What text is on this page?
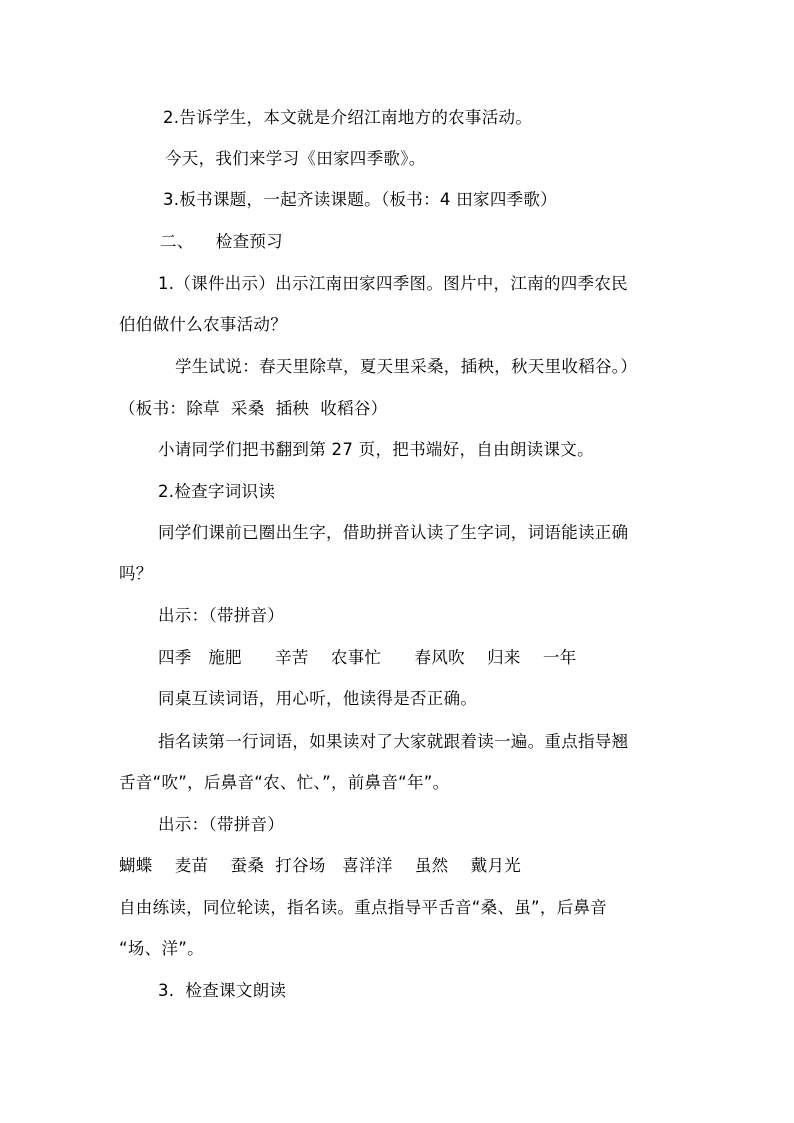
2.告诉学生，本文就是介绍江南地方的农事活动。
今天，我们来学习《田家四季歌》。
3.板书课题，一起齐读课题。（板书：4 田家四季歌）
二、    检查预习
1.（课件出示）出示江南田家四季图。图片中，江南的四季农民
伯伯做什么农事活动？
学生试说：春天里除草，夏天里采桑，插秧，秋天里收稻谷。）
（板书：除草  采桑  插秧  收稻谷）
小请同学们把书翻到第 27 页，把书端好，自由朗读课文。
2.检查字词识读
同学们课前已圈出生字，借助拼音认读了生字词，词语能读正确
吗？
出示：（带拼音）
四季   施肥      辛苦    农事忙      春风吹    归来    一年
同桌互读词语，用心听，他读得是否正确。
指名读第一行词语，如果读对了大家就跟着读一遍。重点指导翘
舌音“吹”，后鼻音“农、忙、”，前鼻音“年”。
出示：（带拼音）
蝴蝶    麦苗    蚕桑  打谷场   喜洋洋    虽然    戴月光
自由练读，同位轮读，指名读。重点指导平舌音“桑、虽”，后鼻音
“场、洋”。
3.  检查课文朗读
